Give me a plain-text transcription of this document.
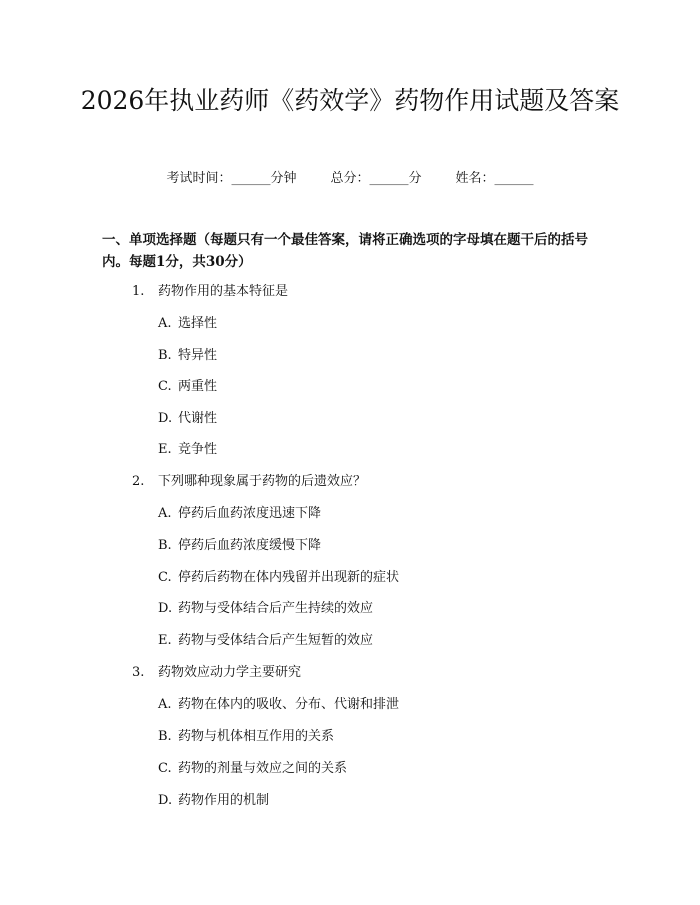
2026年执业药师《药效学》药物作用试题及答案
考试时间：______分钟	总分：______分	姓名：______
一、单项选择题（每题只有一个最佳答案，请将正确选项的字母填在题干后的括号内。每题1分，共30分）
1. 药物作用的基本特征是
A. 选择性
B. 特异性
C. 两重性
D. 代谢性
E. 竞争性
2. 下列哪种现象属于药物的后遗效应？
A. 停药后血药浓度迅速下降
B. 停药后血药浓度缓慢下降
C. 停药后药物在体内残留并出现新的症状
D. 药物与受体结合后产生持续的效应
E. 药物与受体结合后产生短暂的效应
3. 药物效应动力学主要研究
A. 药物在体内的吸收、分布、代谢和排泄
B. 药物与机体相互作用的关系
C. 药物的剂量与效应之间的关系
D. 药物作用的机制
